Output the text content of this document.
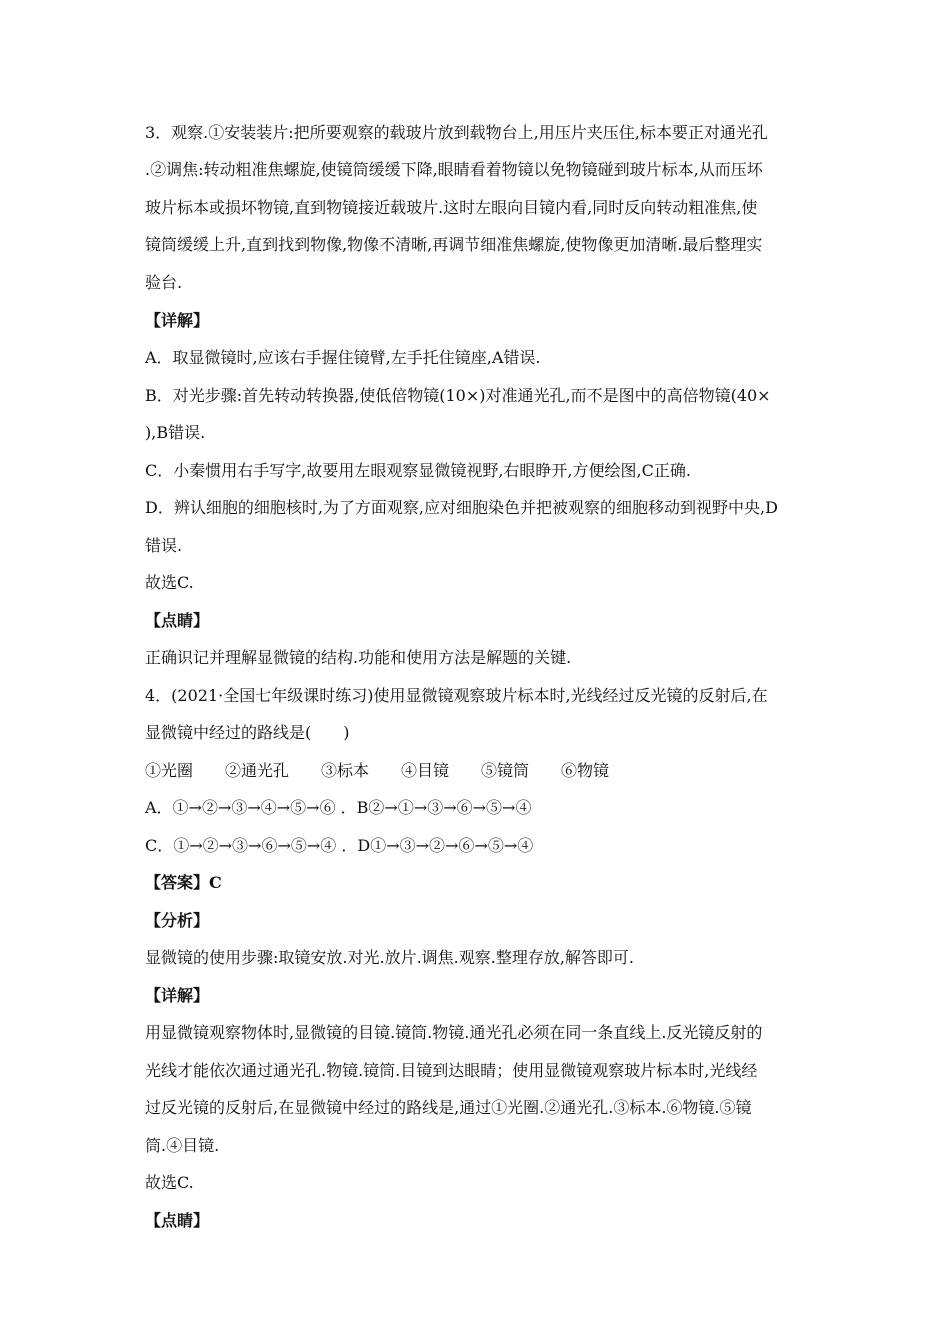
3．观察.①安装装片:把所要观察的载玻片放到载物台上,用压片夹压住,标本要正对通光孔
.②调焦:转动粗准焦螺旋,使镜筒缓缓下降,眼睛看着物镜以免物镜碰到玻片标本,从而压坏
玻片标本或损坏物镜,直到物镜接近载玻片.这时左眼向目镜内看,同时反向转动粗准焦,使
镜筒缓缓上升,直到找到物像,物像不清晰,再调节细准焦螺旋,使物像更加清晰.最后整理实
验台.
【详解】
A．取显微镜时,应该右手握住镜臂,左手托住镜座,A错误.
B．对光步骤:首先转动转换器,使低倍物镜(10×)对准通光孔,而不是图中的高倍物镜(40×
),B错误.
C．小秦惯用右手写字,故要用左眼观察显微镜视野,右眼睁开,方便绘图,C正确.
D．辨认细胞的细胞核时,为了方面观察,应对细胞染色并把被观察的细胞移动到视野中央,D
错误.
故选C.
【点睛】
正确识记并理解显微镜的结构.功能和使用方法是解题的关键.
4．(2021·全国七年级课时练习)使用显微镜观察玻片标本时,光线经过反光镜的反射后,在
显微镜中经过的路线是(　　)
①光圈　　②通光孔　　③标本　　④目镜　　⑤镜筒　　⑥物镜
A．①→②→③→④→⑤→⑥ ．B②→①→③→⑥→⑤→④
C．①→②→③→⑥→⑤→④ ．D①→③→②→⑥→⑤→④
【答案】C
【分析】
显微镜的使用步骤:取镜安放.对光.放片.调焦.观察.整理存放,解答即可.
【详解】
用显微镜观察物体时,显微镜的目镜.镜筒.物镜.通光孔必须在同一条直线上.反光镜反射的
光线才能依次通过通光孔.物镜.镜筒.目镜到达眼睛；使用显微镜观察玻片标本时,光线经
过反光镜的反射后,在显微镜中经过的路线是,通过①光圈.②通光孔.③标本.⑥物镜.⑤镜
筒.④目镜.
故选C.
【点睛】
